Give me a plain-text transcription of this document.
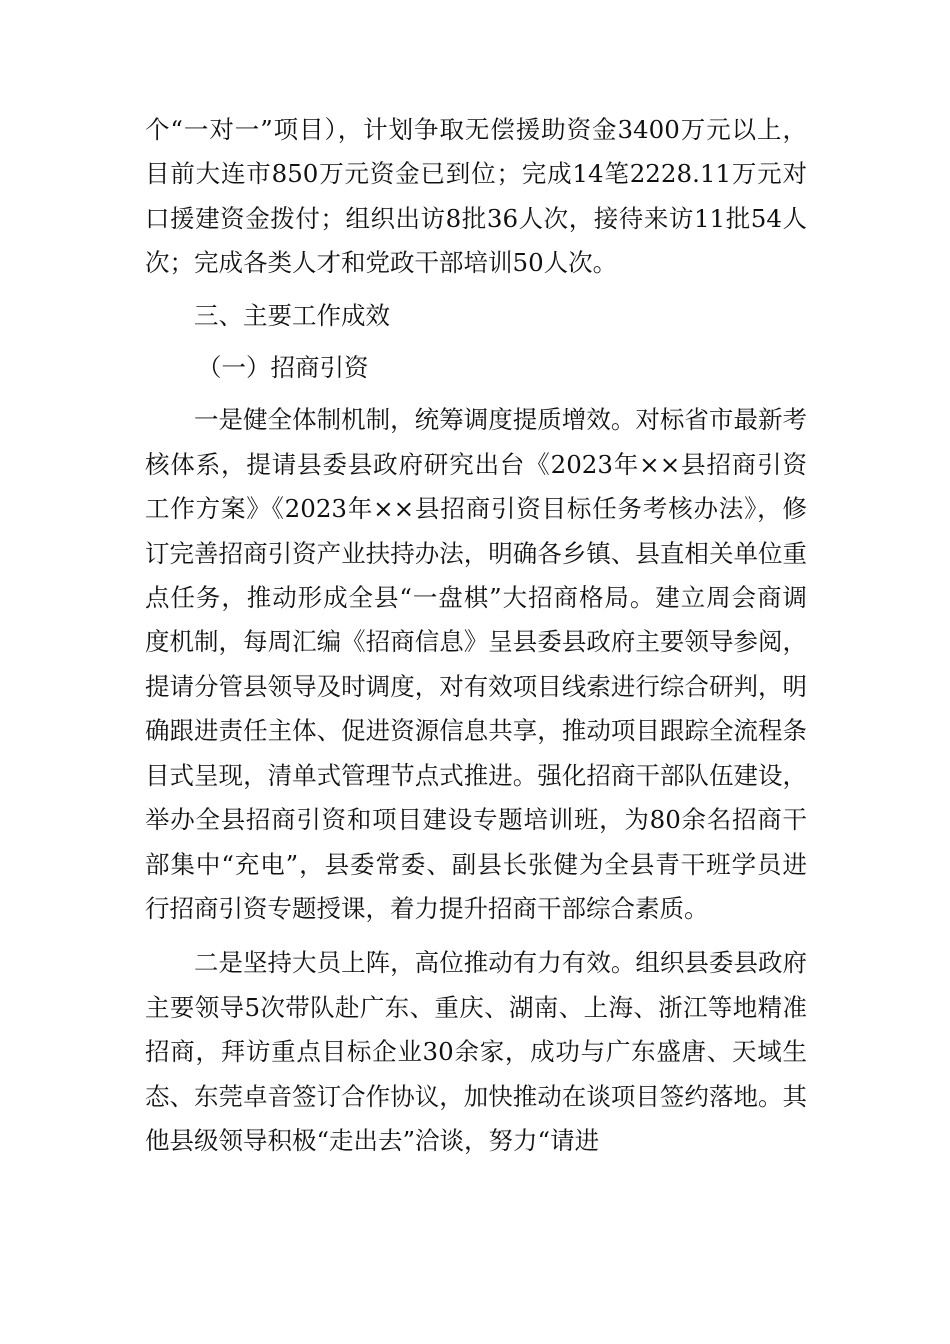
个“一对一”项目），计划争取无偿援助资金3400万元以上，目前大连市850万元资金已到位；完成14笔2228.11万元对口援建资金拨付；组织出访8批36人次，接待来访11批54人次；完成各类人才和党政干部培训50人次。

三、主要工作成效

（一）招商引资

一是健全体制机制，统筹调度提质增效。对标省市最新考核体系，提请县委县政府研究出台《2023年××县招商引资工作方案》《2023年××县招商引资目标任务考核办法》，修订完善招商引资产业扶持办法，明确各乡镇、县直相关单位重点任务，推动形成全县“一盘棋”大招商格局。建立周会商调度机制，每周汇编《招商信息》呈县委县政府主要领导参阅，提请分管县领导及时调度，对有效项目线索进行综合研判，明确跟进责任主体、促进资源信息共享，推动项目跟踪全流程条目式呈现，清单式管理节点式推进。强化招商干部队伍建设，举办全县招商引资和项目建设专题培训班，为80余名招商干部集中“充电”，县委常委、副县长张健为全县青干班学员进行招商引资专题授课，着力提升招商干部综合素质。

二是坚持大员上阵，高位推动有力有效。组织县委县政府主要领导5次带队赴广东、重庆、湖南、上海、浙江等地精准招商，拜访重点目标企业30余家，成功与广东盛唐、天域生态、东莞卓音签订合作协议，加快推动在谈项目签约落地。其他县级领导积极“走出去”洽谈，努力“请进
